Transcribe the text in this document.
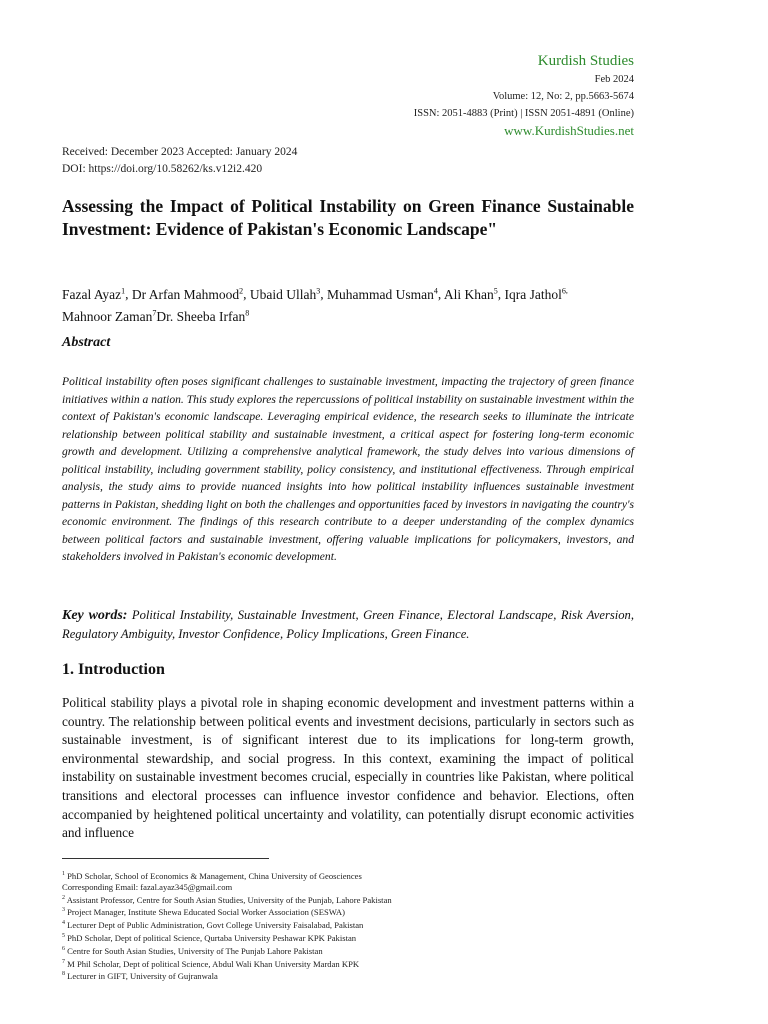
Kurdish Studies
Feb 2024
Volume: 12, No: 2, pp.5663-5674
ISSN: 2051-4883 (Print) | ISSN 2051-4891 (Online)
www.KurdishStudies.net
Received: December 2023 Accepted: January 2024
DOI: https://doi.org/10.58262/ks.v12i2.420
Assessing the Impact of Political Instability on Green Finance Sustainable Investment: Evidence of Pakistan's Economic Landscape"
Fazal Ayaz$^1$, Dr Arfan Mahmood$^2$, Ubaid Ullah$^3$, Muhammad Usman$^4$, Ali Khan$^5$, Iqra Jathol$^{6,}$
Mahnoor Zaman$^7$Dr. Sheeba Irfan$^8$
Abstract
Political instability often poses significant challenges to sustainable investment, impacting the trajectory of green finance initiatives within a nation. This study explores the repercussions of political instability on sustainable investment within the context of Pakistan's economic landscape. Leveraging empirical evidence, the research seeks to illuminate the intricate relationship between political stability and sustainable investment, a critical aspect for fostering long-term economic growth and development. Utilizing a comprehensive analytical framework, the study delves into various dimensions of political instability, including government stability, policy consistency, and institutional effectiveness. Through empirical analysis, the study aims to provide nuanced insights into how political instability influences sustainable investment patterns in Pakistan, shedding light on both the challenges and opportunities faced by investors in navigating the country's economic environment. The findings of this research contribute to a deeper understanding of the complex dynamics between political factors and sustainable investment, offering valuable implications for policymakers, investors, and stakeholders involved in Pakistan's economic development.
Key words: Political Instability, Sustainable Investment, Green Finance, Electoral Landscape, Risk Aversion, Regulatory Ambiguity, Investor Confidence, Policy Implications, Green Finance.
1. Introduction
Political stability plays a pivotal role in shaping economic development and investment patterns within a country. The relationship between political events and investment decisions, particularly in sectors such as sustainable investment, is of significant interest due to its implications for long-term growth, environmental stewardship, and social progress. In this context, examining the impact of political instability on sustainable investment becomes crucial, especially in countries like Pakistan, where political transitions and electoral processes can influence investor confidence and behavior. Elections, often accompanied by heightened political uncertainty and volatility, can potentially disrupt economic activities and influence
$^1$ PhD Scholar, School of Economics & Management, China University of Geosciences
Corresponding Email: fazal.ayaz345@gmail.com
$^2$ Assistant Professor, Centre for South Asian Studies, University of the Punjab, Lahore Pakistan
$^3$ Project Manager, Institute Shewa Educated Social Worker Association (SESWA)
$^4$ Lecturer Dept of Public Administration, Govt College University Faisalabad, Pakistan
$^5$ PhD Scholar, Dept of political Science, Qurtaba University Peshawar KPK Pakistan
$^6$ Centre for South Asian Studies, University of The Punjab Lahore Pakistan
$^7$ M Phil Scholar, Dept of political Science, Abdul Wali Khan University Mardan KPK
$^8$ Lecturer in GIFT, University of Gujranwala
